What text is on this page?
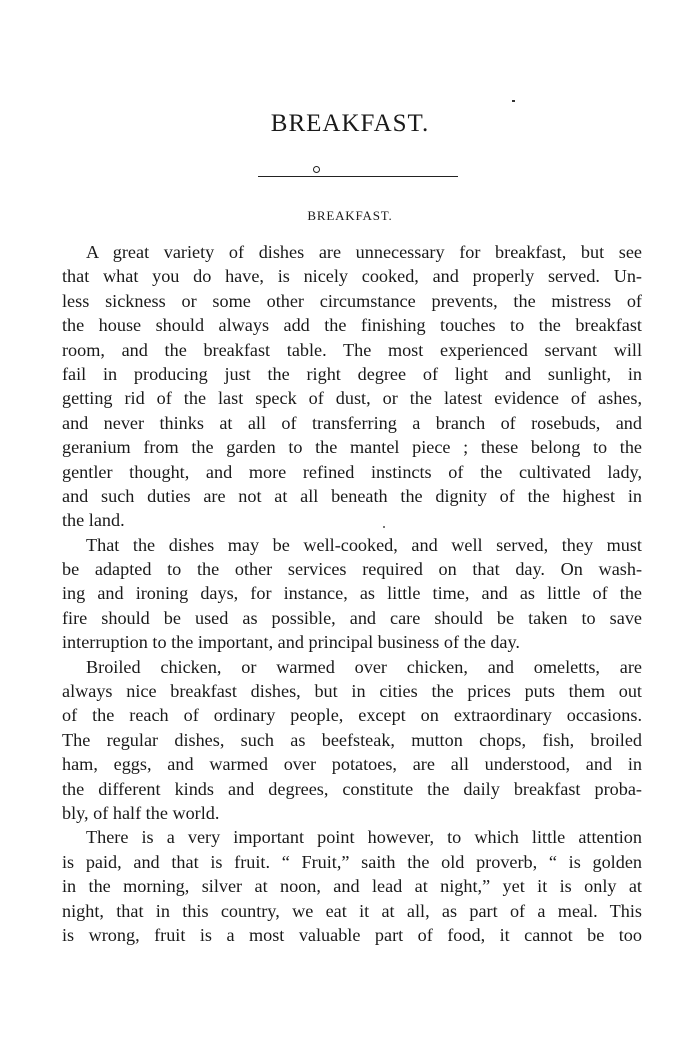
BREAKFAST.
BREAKFAST.
A great variety of dishes are unnecessary for breakfast, but see
that what you do have, is nicely cooked, and properly served. Un-
less sickness or some other circumstance prevents, the mistress of
the house should always add the finishing touches to the breakfast
room, and the breakfast table. The most experienced servant will
fail in producing just the right degree of light and sunlight, in
getting rid of the last speck of dust, or the latest evidence of ashes,
and never thinks at all of transferring a branch of rosebuds, and
geranium from the garden to the mantel piece ; these belong to the
gentler thought, and more refined instincts of the cultivated lady,
and such duties are not at all beneath the dignity of the highest in
the land.
That the dishes may be well-cooked, and well served, they must
be adapted to the other services required on that day. On wash-
ing and ironing days, for instance, as little time, and as little of the
fire should be used as possible, and care should be taken to save
interruption to the important, and principal business of the day.
Broiled chicken, or warmed over chicken, and omeletts, are
always nice breakfast dishes, but in cities the prices puts them out
of the reach of ordinary people, except on extraordinary occasions.
The regular dishes, such as beefsteak, mutton chops, fish, broiled
ham, eggs, and warmed over potatoes, are all understood, and in
the different kinds and degrees, constitute the daily breakfast proba-
bly, of half the world.
There is a very important point however, to which little attention
is paid, and that is fruit. “ Fruit,” saith the old proverb, “ is golden
in the morning, silver at noon, and lead at night,” yet it is only at
night, that in this country, we eat it at all, as part of a meal. This
is wrong, fruit is a most valuable part of food, it cannot be too
